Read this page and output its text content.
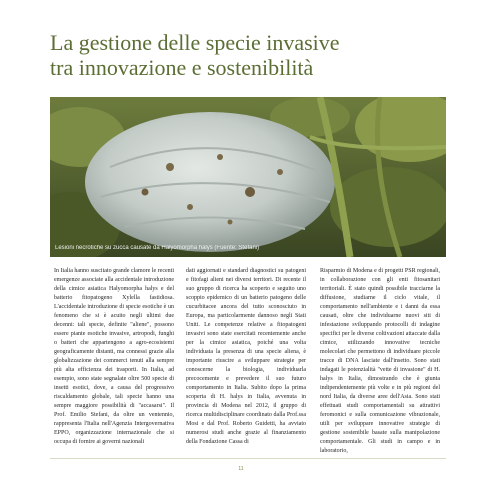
La gestione delle specie invasive
tra innovazione e sostenibilità
Lesioni necrotiche su zucca causate da Halyomorpha halys (Fuente: Stefani)

In Italia hanno suscitato grande clamore le recenti emergenze associate alla accidentale introduzione della cimice asiatica Halyomorpha halys e del batterio fitopatogeno Xylella fastidiosa. L'accidentale introduzione di specie esotiche è un fenomeno che si è acuito negli ultimi due decenni: tali specie, definite "aliene", possono essere piante esotiche invasive, artropodi, funghi o batteri che appartengono a agro-ecosistemi geograficamente distanti, ma connessi grazie alla globalizzazione dei commerci tenuti alla sempre più alta efficienza dei trasporti. In Italia, ad esempio, sono state segnalate oltre 500 specie di insetti esotici, dove, a causa del progressivo riscaldamento globale, tali specie hanno una sempre maggiore possibilità di "accasarsi". Il Prof. Emilio Stefani, da oltre un ventennio, rappresenta l'Italia nell'Agenzia Intergovernativa EPPO, organizzazione internazionale che si occupa di fornire ai governi nazionali

dati aggiornati e standard diagnostici su patogeni e fitofagi alieni nei diversi territori. Di recente il suo gruppo di ricerca ha scoperto e seguito uno scoppio epidemico di un batterio patogeno delle cucurbitacee ancora del tutto sconosciuto in Europa, ma particolarmente dannoso negli Stati Uniti. Le competenze relative a fitopatogeni invasivi sono state esercitati recentemente anche per la cimice asiatica, poiché una volta individuata la presenza di una specie aliena, è importante riuscire a sviluppare strategie per conoscerne la biologia, individuarla precocemente e prevedere il suo futuro comportamento in Italia. Subito dopo la prima scoperta di H. halys in Italia, avvenuta in provincia di Modena nel 2012, il gruppo di ricerca multidisciplinare coordinato dalla Prof.ssa Mosi e dal Prof. Roberto Guidetti, ha avviato numerosi studi anche grazie al finanziamento della Fondazione Cassa di

Risparmio di Modena e di progetti PSR regionali, in collaborazione con gli enti fitosanitari territoriali. È stato quindi possibile tracciarne la diffusione, studiarne il ciclo vitale, il comportamento nell'ambiente e i danni da essa causati, oltre che individuarne nuovi siti di infestazione sviluppando protocolli di indagine specifici per le diverse coltivazioni attaccate dalla cimice, utilizzando innovative tecniche molecolari che permettono di individuare piccole tracce di DNA lasciate dall'insetto. Sono stati indagati le potenzialità "vette di invasione" di H. halys in Italia, dimostrando che è giunta indipendentemente più volte e in più regioni del nord Italia, da diverse aree dell'Asia. Sono stati effettuati studi comportamentali su attrattivi feromonici e sulla comunicazione vibrazionale, utili per sviluppare innovative strategie di gestione sostenibile basate sulla manipolazione comportamentale. Gli studi in campo e in laboratorio,

11
